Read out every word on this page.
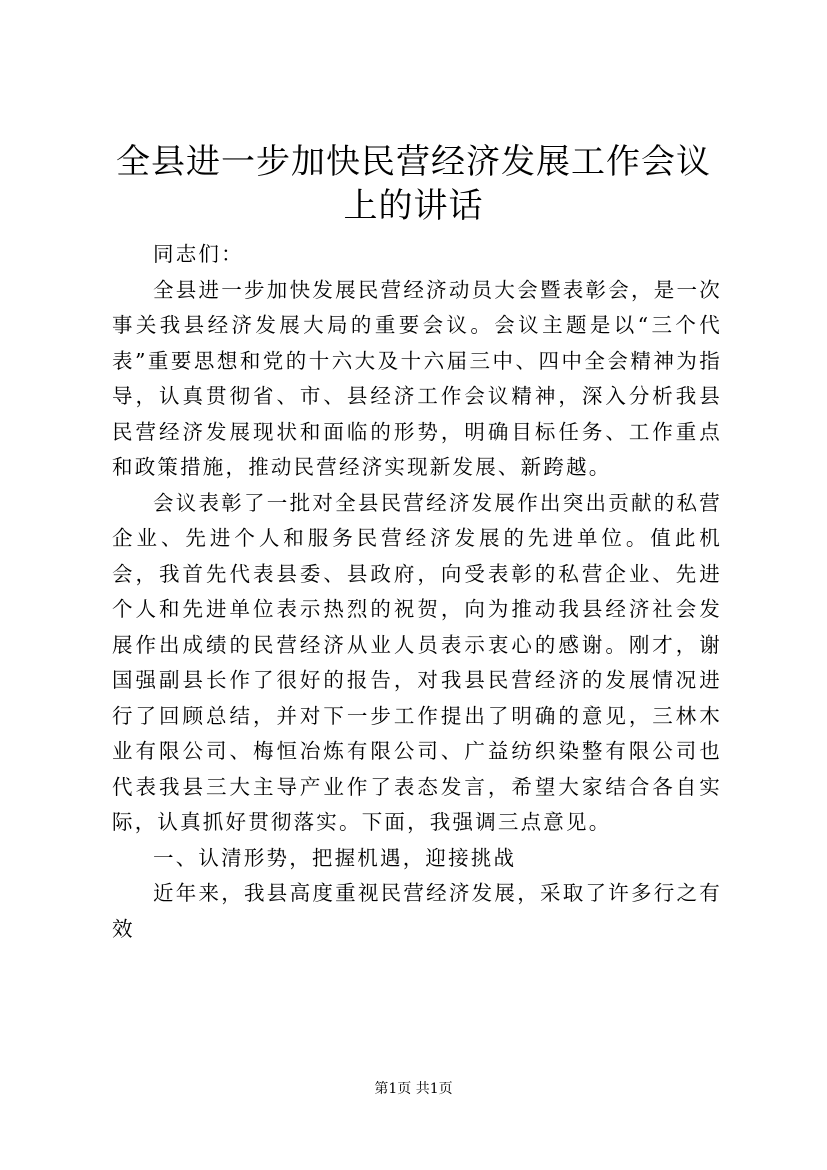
全县进一步加快民营经济发展工作会议上的讲话

同志们：

全县进一步加快发展民营经济动员大会暨表彰会，是一次事关我县经济发展大局的重要会议。会议主题是以“三个代表”重要思想和党的十六大及十六届三中、四中全会精神为指导，认真贯彻省、市、县经济工作会议精神，深入分析我县民营经济发展现状和面临的形势，明确目标任务、工作重点和政策措施，推动民营经济实现新发展、新跨越。

会议表彰了一批对全县民营经济发展作出突出贡献的私营企业、先进个人和服务民营经济发展的先进单位。值此机会，我首先代表县委、县政府，向受表彰的私营企业、先进个人和先进单位表示热烈的祝贺，向为推动我县经济社会发展作出成绩的民营经济从业人员表示衷心的感谢。刚才，谢国强副县长作了很好的报告，对我县民营经济的发展情况进行了回顾总结，并对下一步工作提出了明确的意见，三林木业有限公司、梅恒冶炼有限公司、广益纺织染整有限公司也代表我县三大主导产业作了表态发言，希望大家结合各自实际，认真抓好贯彻落实。下面，我强调三点意见。

一、认清形势，把握机遇，迎接挑战

近年来，我县高度重视民营经济发展，采取了许多行之有效

第1页 共1页
